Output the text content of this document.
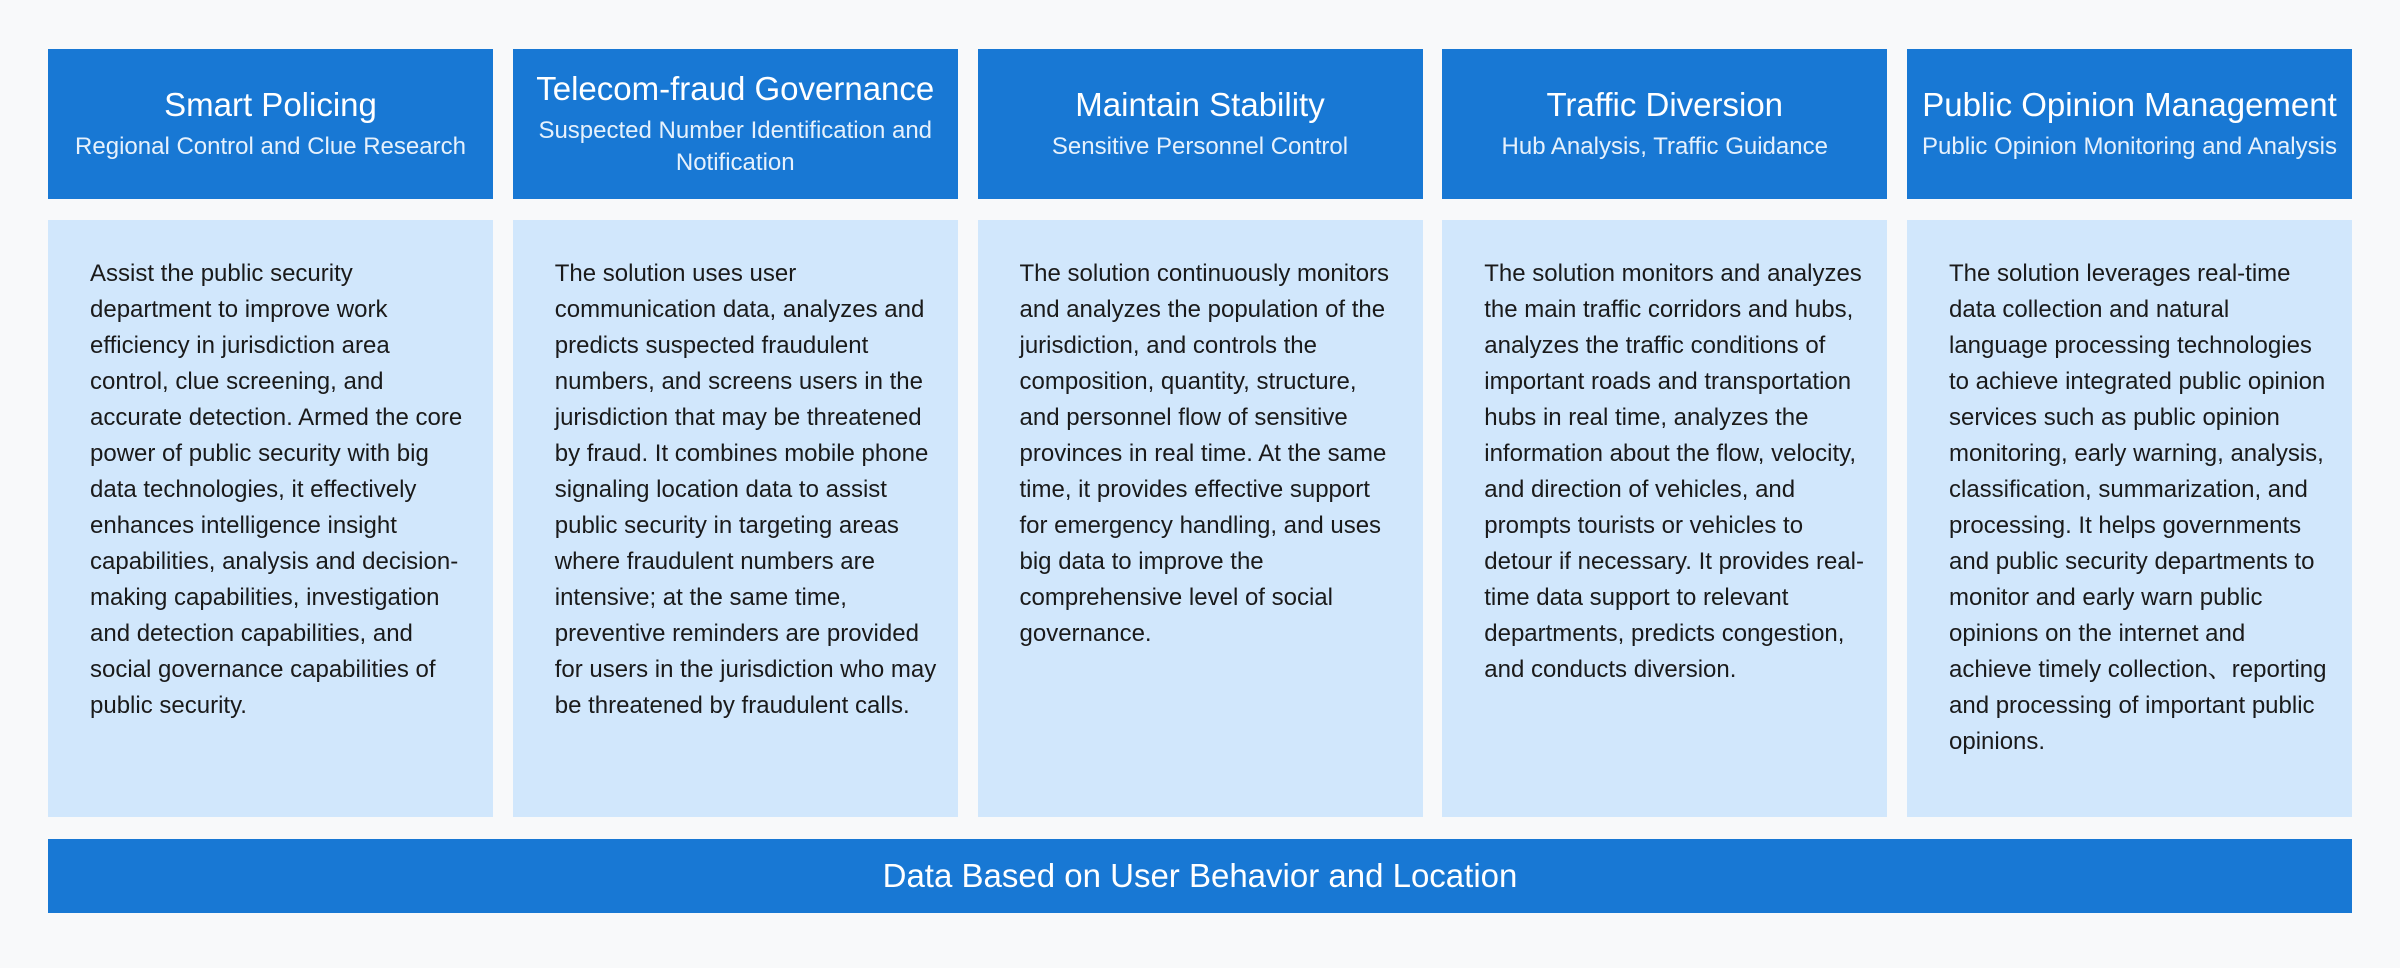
Smart Policing
Regional Control and Clue Research
Assist the public security department to improve work efficiency in jurisdiction area control, clue screening, and accurate detection. Armed the core power of public security with big data technologies, it effectively enhances intelligence insight capabilities, analysis and decision-making capabilities, investigation and detection capabilities, and social governance capabilities of public security.
Telecom-fraud Governance
Suspected Number Identification and Notification
The solution uses user communication data, analyzes and predicts suspected fraudulent numbers, and screens users in the jurisdiction that may be threatened by fraud. It combines mobile phone signaling location data to assist public security in targeting areas where fraudulent numbers are intensive; at the same time, preventive reminders are provided for users in the jurisdiction who may be threatened by fraudulent calls.
Maintain Stability
Sensitive Personnel Control
The solution continuously monitors and analyzes the population of the jurisdiction, and controls the composition, quantity, structure, and personnel flow of sensitive provinces in real time. At the same time, it provides effective support for emergency handling, and uses big data to improve the comprehensive level of social governance.
Traffic Diversion
Hub Analysis, Traffic Guidance
The solution monitors and analyzes the main traffic corridors and hubs, analyzes the traffic conditions of important roads and transportation hubs in real time, analyzes the information about the flow, velocity, and direction of vehicles, and prompts tourists or vehicles to detour if necessary. It provides real-time data support to relevant departments, predicts congestion, and conducts diversion.
Public Opinion Management
Public Opinion Monitoring and Analysis
The solution leverages real-time data collection and natural language processing technologies to achieve integrated public opinion services such as public opinion monitoring, early warning, analysis, classification, summarization, and processing. It helps governments and public security departments to monitor and early warn public opinions on the internet and achieve timely collection、reporting and processing of important public opinions.
Data Based on User Behavior and Location
